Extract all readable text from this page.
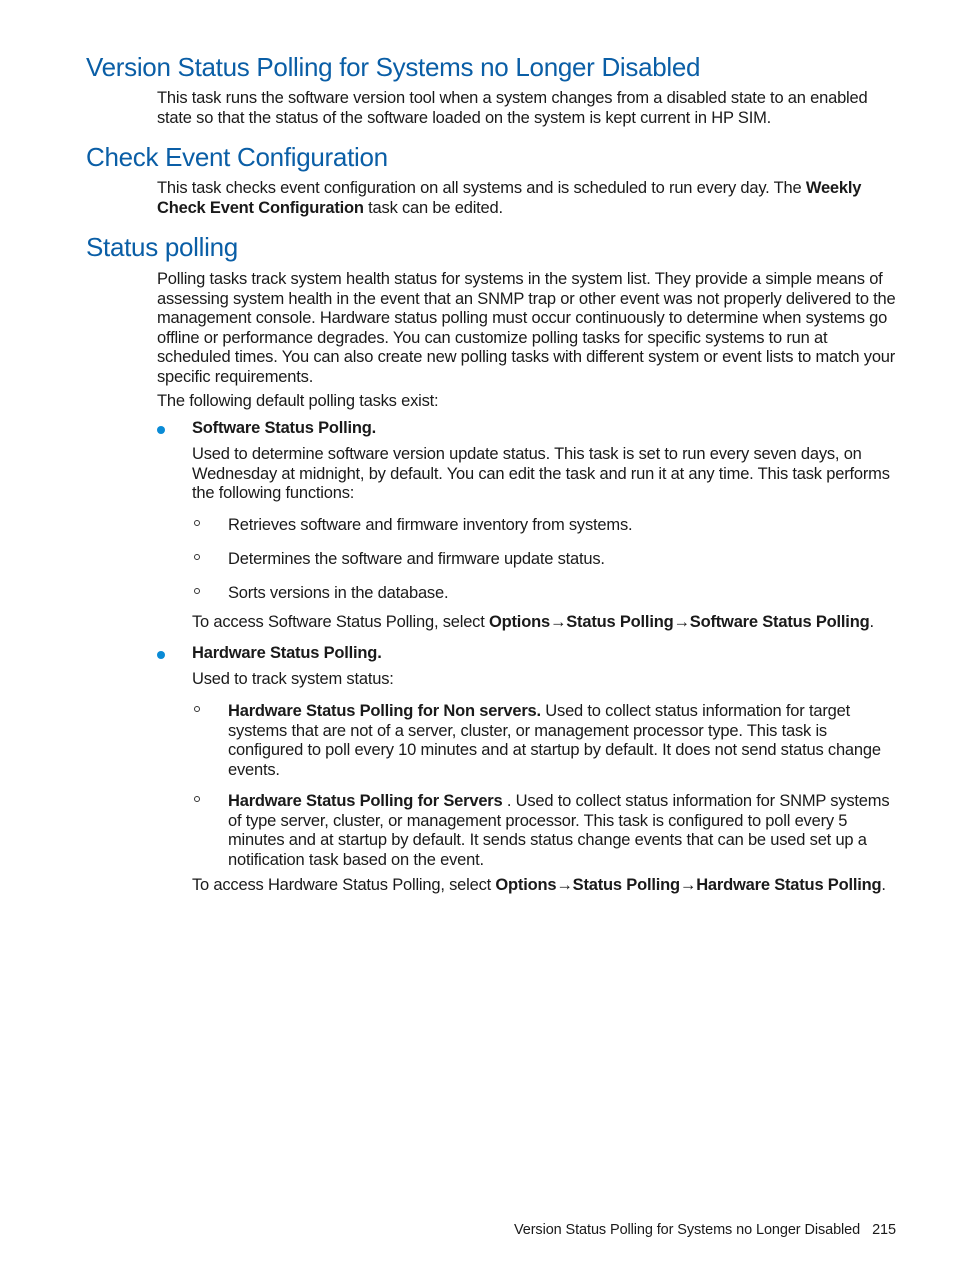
Version Status Polling for Systems no Longer Disabled

This task runs the software version tool when a system changes from a disabled state to an enabled state so that the status of the software loaded on the system is kept current in HP SIM.

Check Event Configuration

This task checks event configuration on all systems and is scheduled to run every day. The Weekly Check Event Configuration task can be edited.

Status polling

Polling tasks track system health status for systems in the system list. They provide a simple means of assessing system health in the event that an SNMP trap or other event was not properly delivered to the management console. Hardware status polling must occur continuously to determine when systems go offline or performance degrades. You can customize polling tasks for specific systems to run at scheduled times. You can also create new polling tasks with different system or event lists to match your specific requirements.

The following default polling tasks exist:

Software Status Polling.

Used to determine software version update status. This task is set to run every seven days, on Wednesday at midnight, by default. You can edit the task and run it at any time. This task performs the following functions:

Retrieves software and firmware inventory from systems.

Determines the software and firmware update status.

Sorts versions in the database.

To access Software Status Polling, select Options→Status Polling→Software Status Polling.

Hardware Status Polling.

Used to track system status:

Hardware Status Polling for Non servers. Used to collect status information for target systems that are not of a server, cluster, or management processor type. This task is configured to poll every 10 minutes and at startup by default. It does not send status change events.

Hardware Status Polling for Servers . Used to collect status information for SNMP systems of type server, cluster, or management processor. This task is configured to poll every 5 minutes and at startup by default. It sends status change events that can be used set up a notification task based on the event.

To access Hardware Status Polling, select Options→Status Polling→Hardware Status Polling.

Version Status Polling for Systems no Longer Disabled 215
